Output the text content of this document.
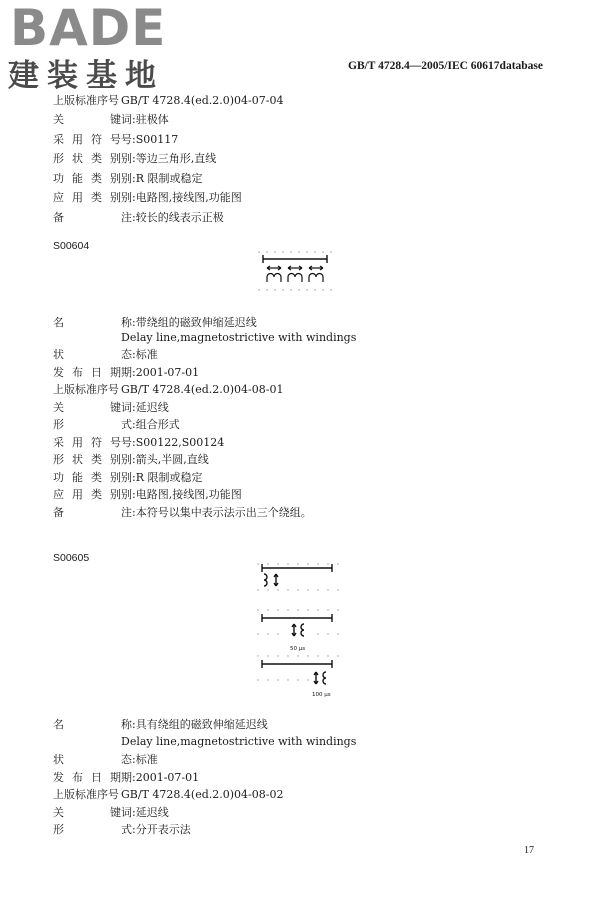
BADE
建装基地	GB/T 4728.4—2005/IEC 60617database
上版标准序号 GB/T 4728.4(ed.2.0)04-07-04
关　　键词:驻极体
采 用 符 号号:S00117
形 状 类 别别:等边三角形,直线
功 能 类 别别:R 限制或稳定
应 用 类 别别:电路图,接线图,功能图
备	注:较长的线表示正极
S00604
名	称:带绕组的磁致伸缩延迟线
Delay line,magnetostrictive with windings
状	态:标准
发 布 日 期期:2001-07-01
上版标准序号 GB/T 4728.4(ed.2.0)04-08-01
关　　键词:延迟线
形	式:组合形式
采 用 符 号号:S00122,S00124
形 状 类 别别:箭头,半圆,直线
功 能 类 别别:R 限制或稳定
应 用 类 别别:电路图,接线图,功能图
备	注:本符号以集中表示法示出三个绕组。
S00605
50 μs
100 μs
名	称:具有绕组的磁致伸缩延迟线
Delay line,magnetostrictive with windings
状	态:标准
发 布 日 期期:2001-07-01
上版标准序号 GB/T 4728.4(ed.2.0)04-08-02
关　　键词:延迟线
形	式:分开表示法
17
